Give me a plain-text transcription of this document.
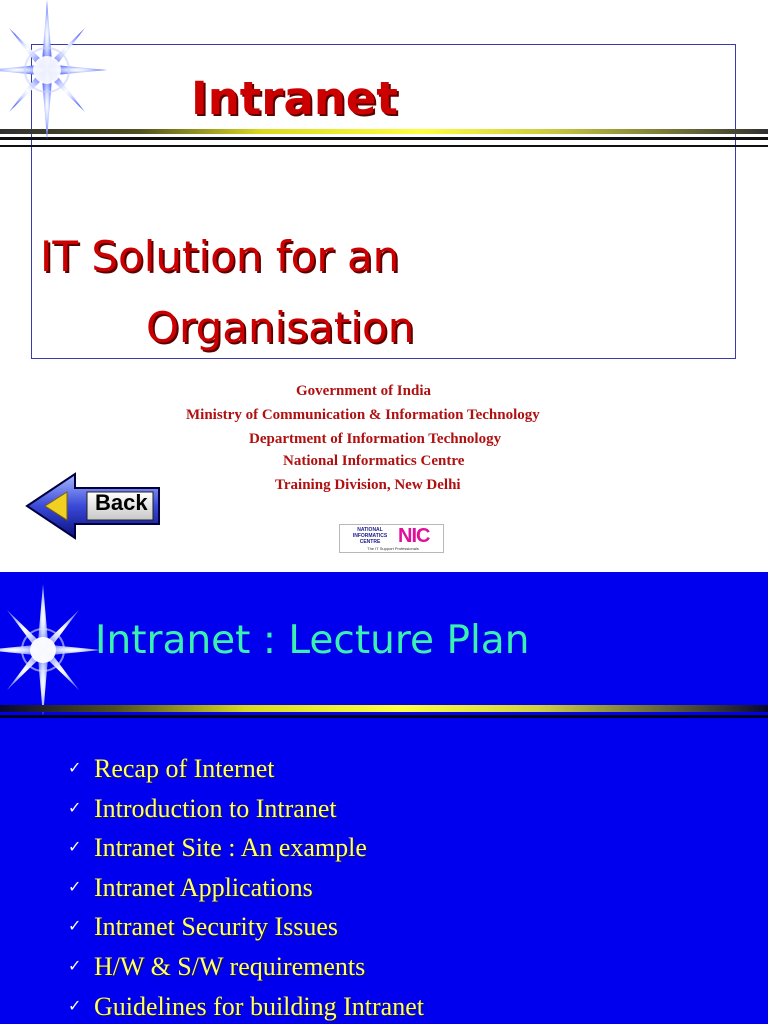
Intranet
IT Solution for an
Organisation
Government of India
Ministry of Communication & Information Technology
Department of Information Technology
National Informatics Centre
Training Division, New Delhi
Back
NATIONAL INFORMATICS CENTRE NIC
The IT Support Professionals
Intranet : Lecture Plan
✓ Recap of Internet
✓ Introduction to Intranet
✓ Intranet Site : An example
✓ Intranet Applications
✓ Intranet Security Issues
✓ H/W & S/W requirements
✓ Guidelines for building Intranet
